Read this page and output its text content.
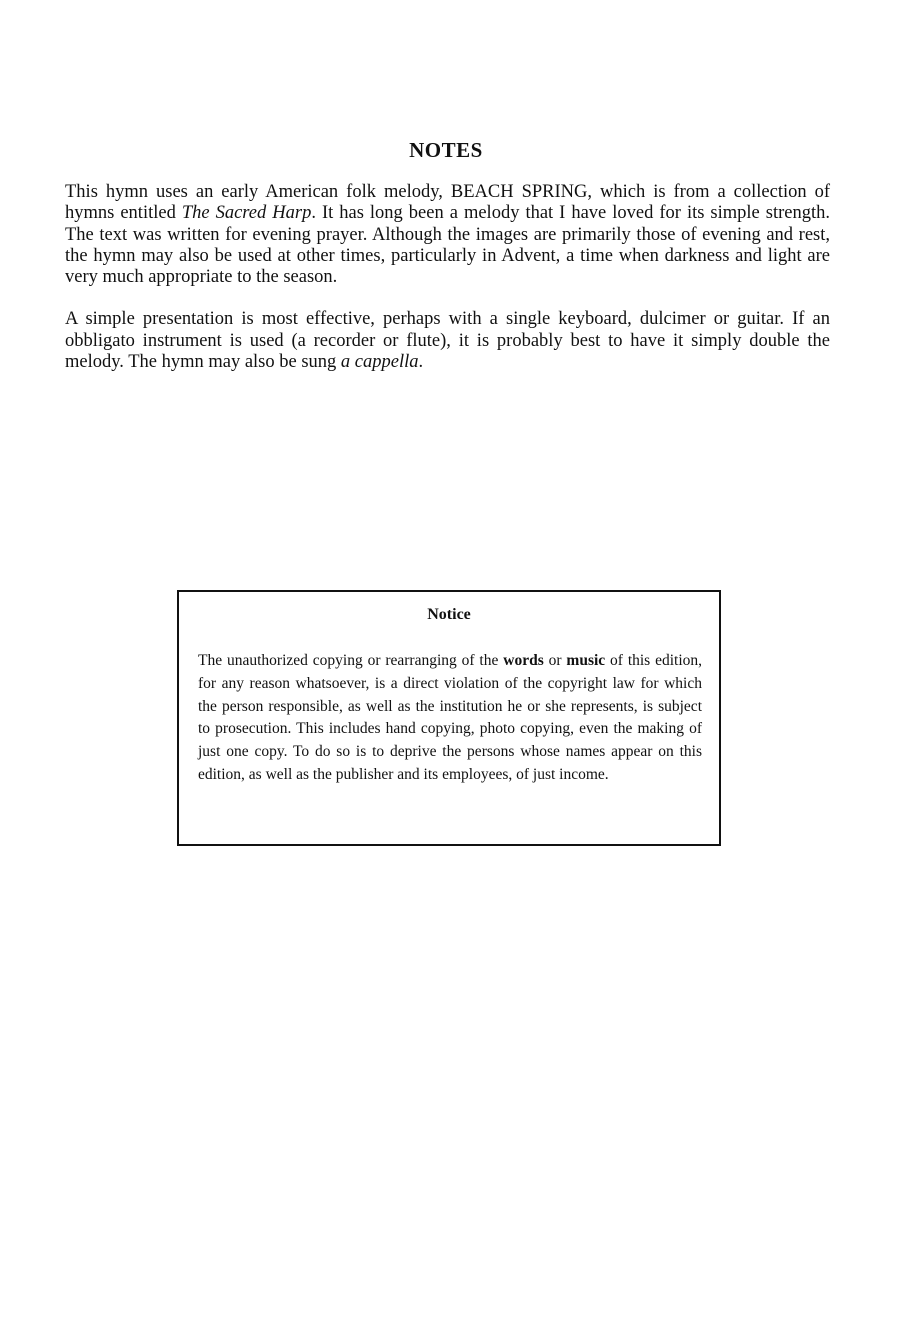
NOTES

This hymn uses an early American folk melody, BEACH SPRING, which is from a collection of hymns entitled The Sacred Harp. It has long been a melody that I have loved for its simple strength. The text was written for evening prayer. Although the images are primarily those of evening and rest, the hymn may also be used at other times, particularly in Advent, a time when darkness and light are very much appropriate to the season.

A simple presentation is most effective, perhaps with a single keyboard, dulcimer or guitar. If an obbligato instrument is used (a recorder or flute), it is probably best to have it simply double the melody. The hymn may also be sung a cappella.

Notice

The unauthorized copying or rearranging of the words or music of this edition, for any reason whatsoever, is a direct violation of the copyright law for which the person responsible, as well as the institution he or she represents, is subject to prosecution. This includes hand copying, photo copying, even the making of just one copy. To do so is to deprive the persons whose names appear on this edition, as well as the publisher and its employees, of just income.
